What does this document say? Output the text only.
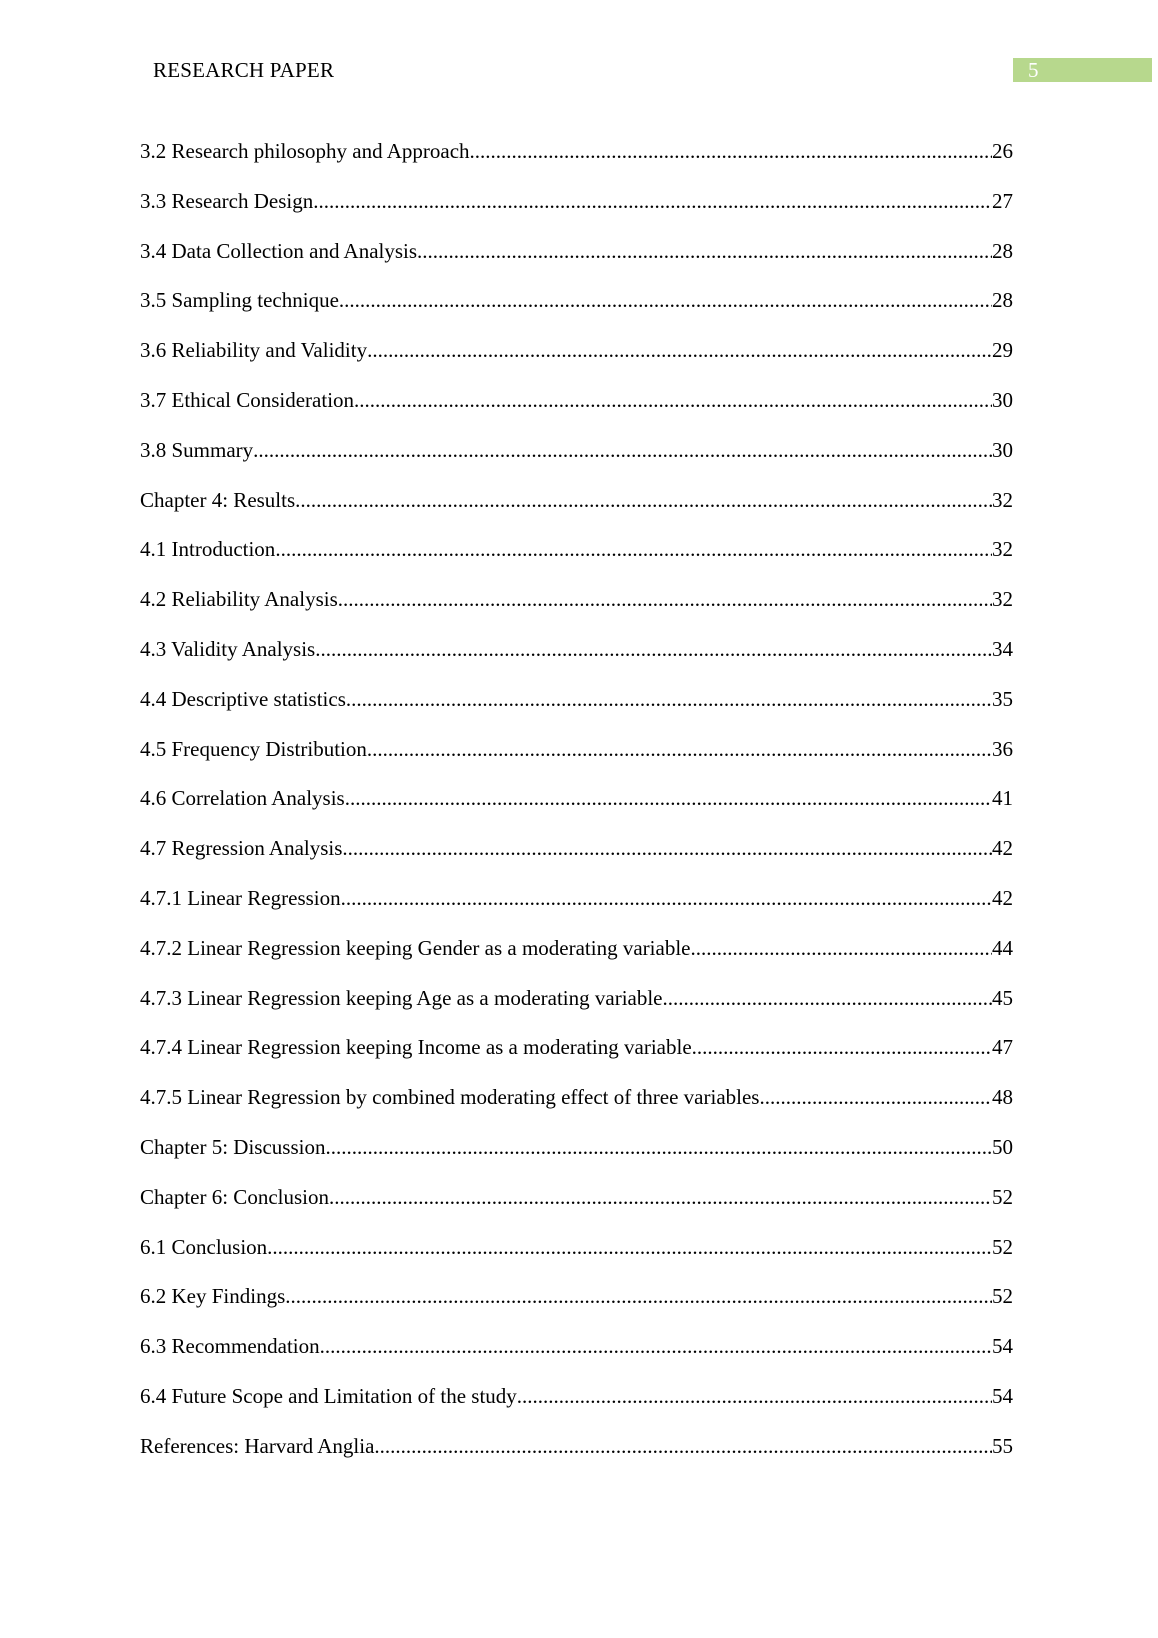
RESEARCH PAPER	5
3.2 Research philosophy and Approach .....	26
3.3 Research Design .....	27
3.4 Data Collection and Analysis .....	28
3.5 Sampling technique .....	28
3.6 Reliability and Validity .....	29
3.7 Ethical Consideration .....	30
3.8 Summary .....	30
Chapter 4: Results .....	32
4.1 Introduction .....	32
4.2 Reliability Analysis .....	32
4.3 Validity Analysis .....	34
4.4 Descriptive statistics .....	35
4.5 Frequency Distribution .....	36
4.6 Correlation Analysis .....	41
4.7 Regression Analysis .....	42
4.7.1 Linear Regression .....	42
4.7.2 Linear Regression keeping Gender as a moderating variable .....	44
4.7.3 Linear Regression keeping Age as a moderating variable .....	45
4.7.4 Linear Regression keeping Income as a moderating variable .....	47
4.7.5 Linear Regression by combined moderating effect of three variables .....	48
Chapter 5: Discussion .....	50
Chapter 6: Conclusion .....	52
6.1 Conclusion .....	52
6.2 Key Findings .....	52
6.3 Recommendation .....	54
6.4 Future Scope and Limitation of the study .....	54
References: Harvard Anglia .....	55
